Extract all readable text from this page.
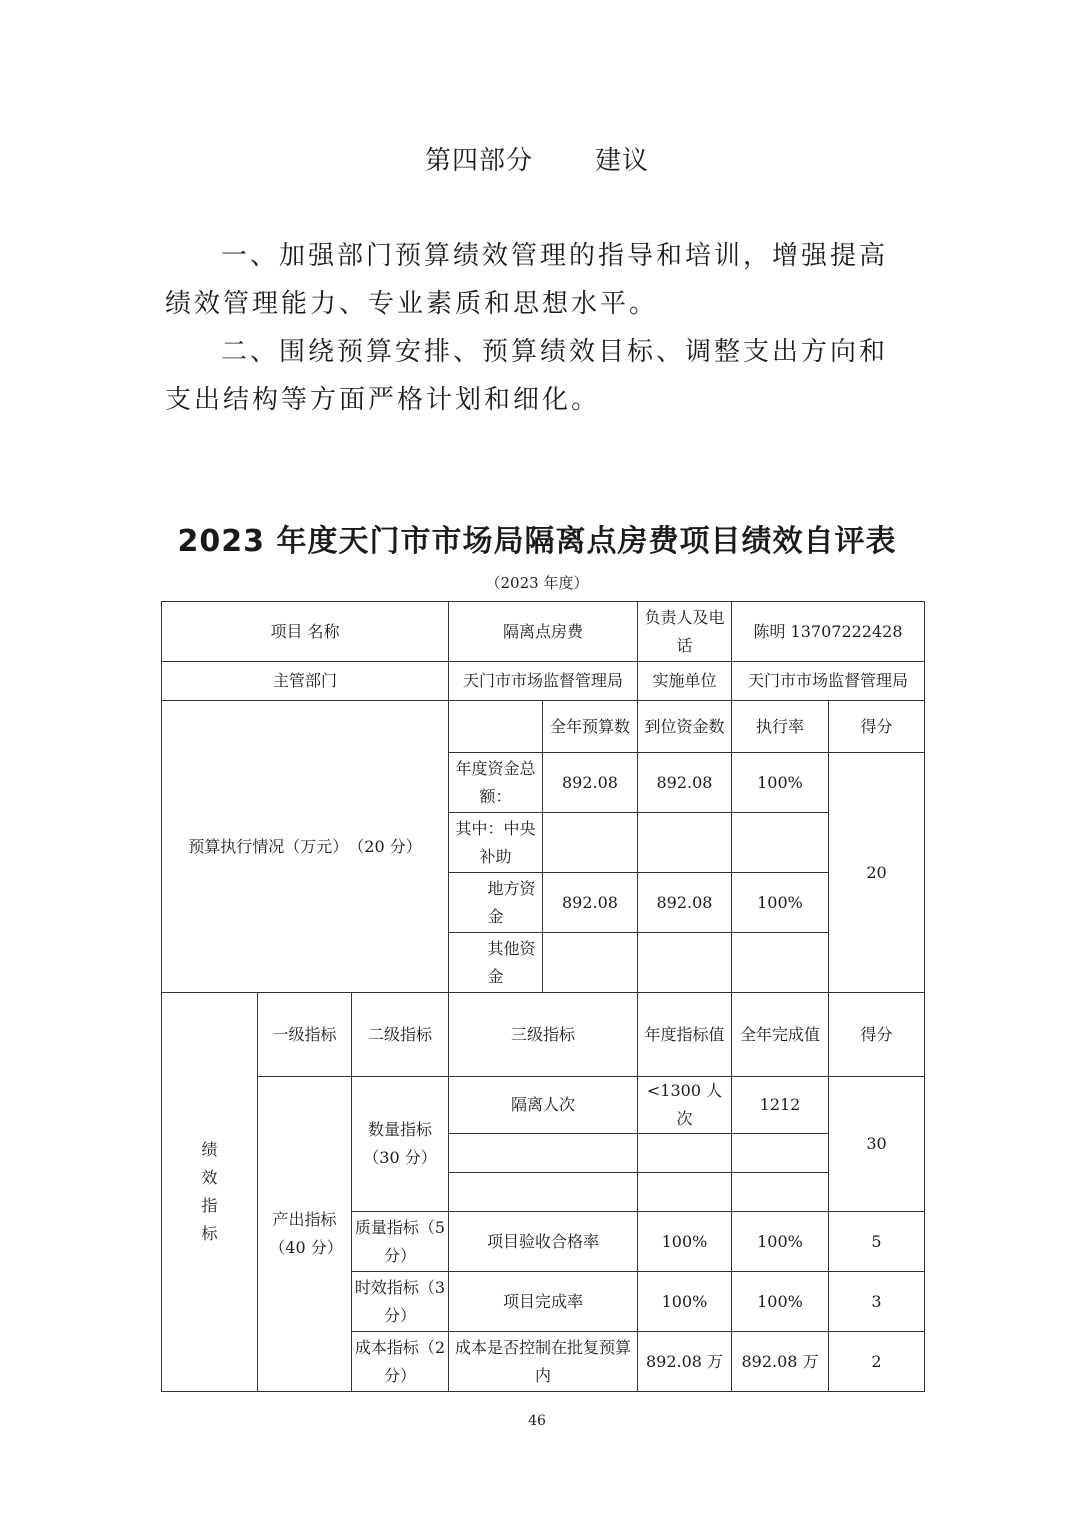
第四部分 建议
一、加强部门预算绩效管理的指导和培训，增强提高绩效管理能力、专业素质和思想水平。
二、围绕预算安排、预算绩效目标、调整支出方向和支出结构等方面严格计划和细化。
2023 年度天门市市场局隔离点房费项目绩效自评表
（2023 年度）
项目 名称			隔离点房费		负责人及电话	陈明 13707222428	
主管部门			天门市市场监督管理局		实施单位	天门市市场监督管理局	
预算执行情况（万元）　（20 分）				全年预算数	到位资金数	执行率	得分
			年度资金总额：	892.08	892.08	100%	20
			其中：中央补助				
			　　地方资金	892.08	892.08	100%	
			　　其他资金				
绩效指标	一级指标	二级指标	三级指标		年度指标值	全年完成值	得分
	产出指标（40 分）	数量指标（30 分）	隔离人次		<1300 人次	1212	30

		质量指标（5分）	项目验收合格率		100%	100%	5
		时效指标（3分）	项目完成率		100%	100%	3
		成本指标（2分）	成本是否控制在批复预算内		892.08 万	892.08 万	2
46
